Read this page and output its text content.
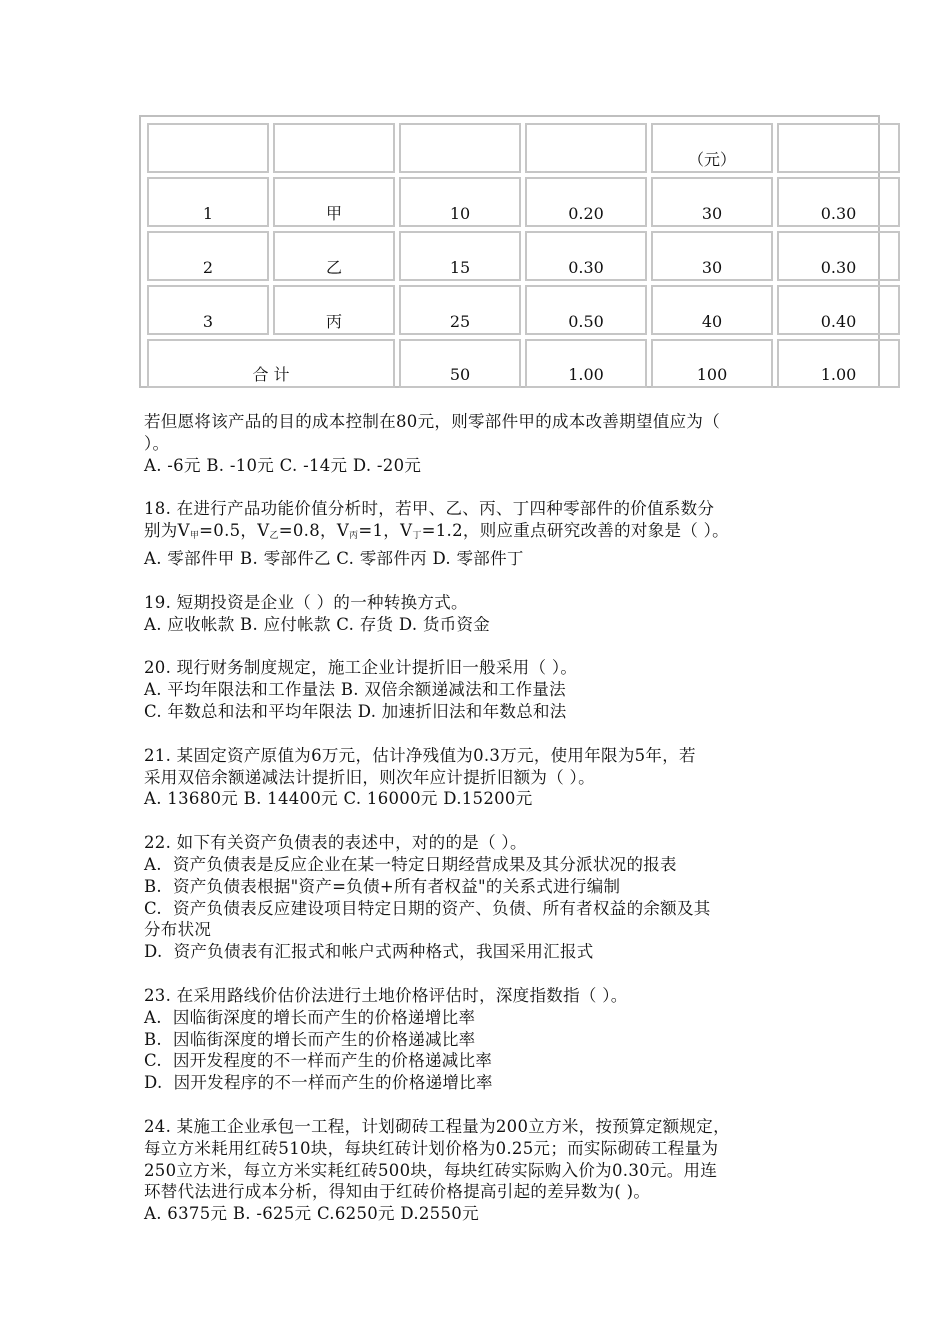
				（元）	
1	甲	10	0.20	30	0.30
2	乙	15	0.30	30	0.30
3	丙	25	0.50	40	0.40
合 计		50	1.00	100	1.00

若但愿将该产品的目的成本控制在80元，则零部件甲的成本改善期望值应为（

）。

A. -6元 B. -10元 C. -14元 D. -20元

18. 在进行产品功能价值分析时，若甲、乙、丙、丁四种零部件的价值系数分

别为$V_甲=0.5$，$V_乙=0.8$，$V_丙=1$，$V_丁=1.2$，则应重点研究改善的对象是（ ）。

A. 零部件甲 B. 零部件乙 C. 零部件丙 D. 零部件丁

19. 短期投资是企业（ ）的一种转换方式。

A. 应收帐款 B. 应付帐款 C. 存货 D. 货币资金

20. 现行财务制度规定，施工企业计提折旧一般采用（ ）。

A. 平均年限法和工作量法 B. 双倍余额递减法和工作量法

C. 年数总和法和平均年限法 D. 加速折旧法和年数总和法

21. 某固定资产原值为6万元，估计净残值为0.3万元，使用年限为5年，若

采用双倍余额递减法计提折旧，则次年应计提折旧额为（ ）。

A. 13680元 B. 14400元 C. 16000元 D.15200元

22. 如下有关资产负债表的表述中，对的的是（ ）。

A.  资产负债表是反应企业在某一特定日期经营成果及其分派状况的报表

B.  资产负债表根据"资产=负债+所有者权益"的关系式进行编制

C.  资产负债表反应建设项目特定日期的资产、负债、所有者权益的余额及其

分布状况

D.  资产负债表有汇报式和帐户式两种格式，我国采用汇报式

23. 在采用路线价估价法进行土地价格评估时，深度指数指（ ）。

A.  因临街深度的增长而产生的价格递增比率

B.  因临街深度的增长而产生的价格递减比率

C.  因开发程度的不一样而产生的价格递减比率

D.  因开发程序的不一样而产生的价格递增比率

24. 某施工企业承包一工程，计划砌砖工程量为200立方米，按预算定额规定，

每立方米耗用红砖510块，每块红砖计划价格为0.25元；而实际砌砖工程量为

250立方米，每立方米实耗红砖500块，每块红砖实际购入价为0.30元。用连

环替代法进行成本分析，得知由于红砖价格提高引起的差异数为( )。

A. 6375元 B. -625元 C.6250元 D.2550元
